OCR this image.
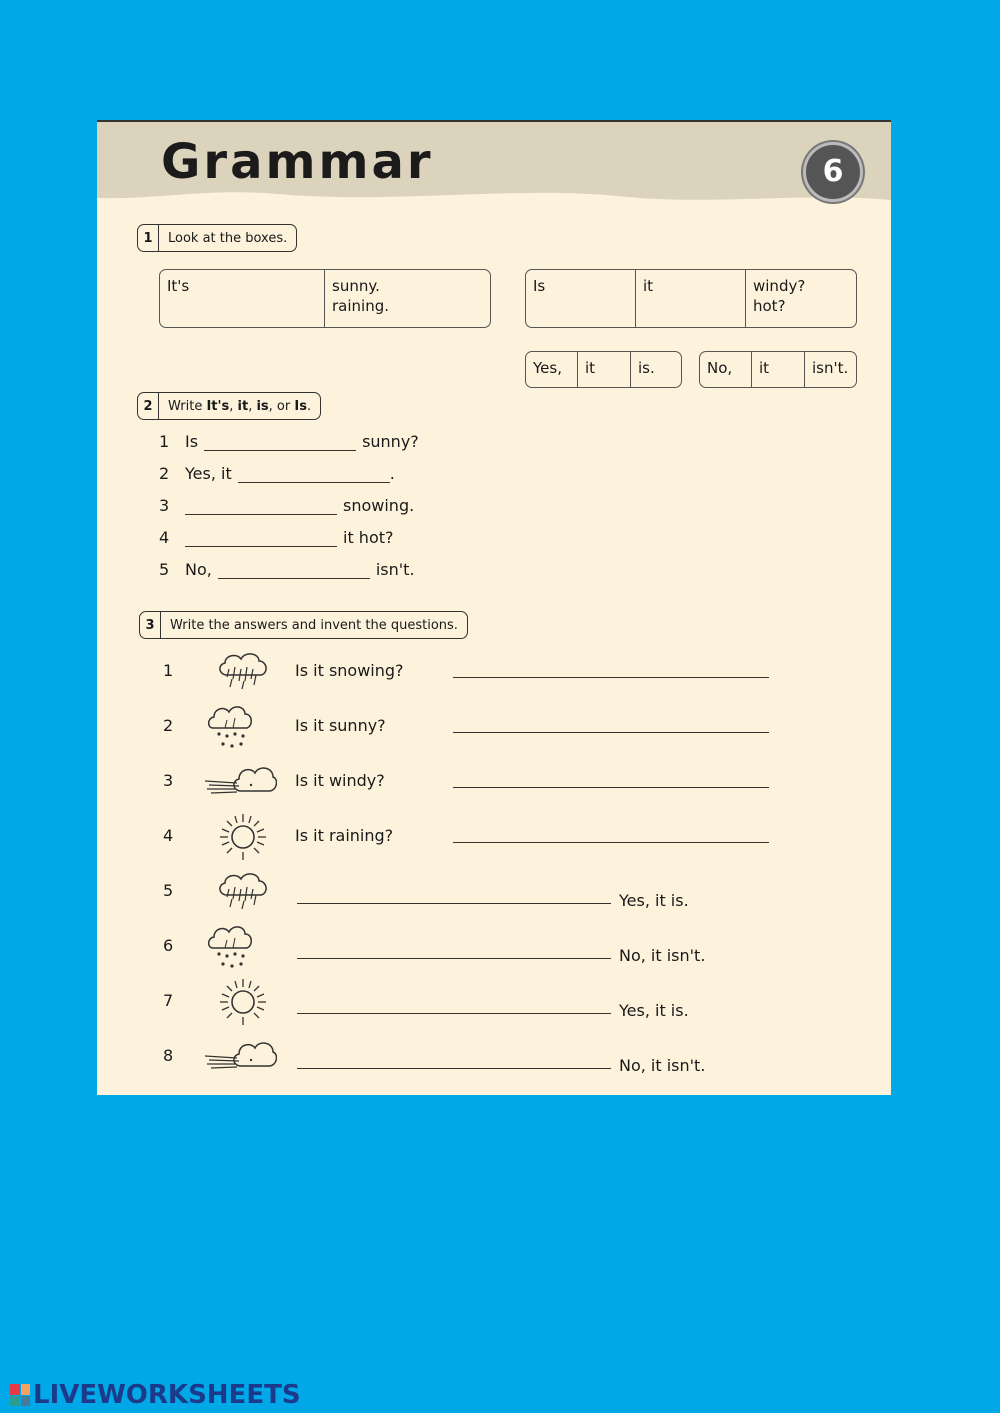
Grammar	6
1	Look at the boxes.
It's	sunny.
raining.
Is	it	windy?
hot?
Yes,	it	is.	No,	it	isn't.
2	Write It's, it, is, or Is.
1 Is	sunny?
2 Yes, it	.
3	snowing.
4	it hot?
5 No,	isn't.
3	Write the answers and invent the questions.
1	Is it snowing?
2	Is it sunny?
3	Is it windy?
4	Is it raining?
5
Yes, it is.
6
No, it isn't.
7
Yes, it is.
8
No, it isn't.
LIVEWORKSHEETS
